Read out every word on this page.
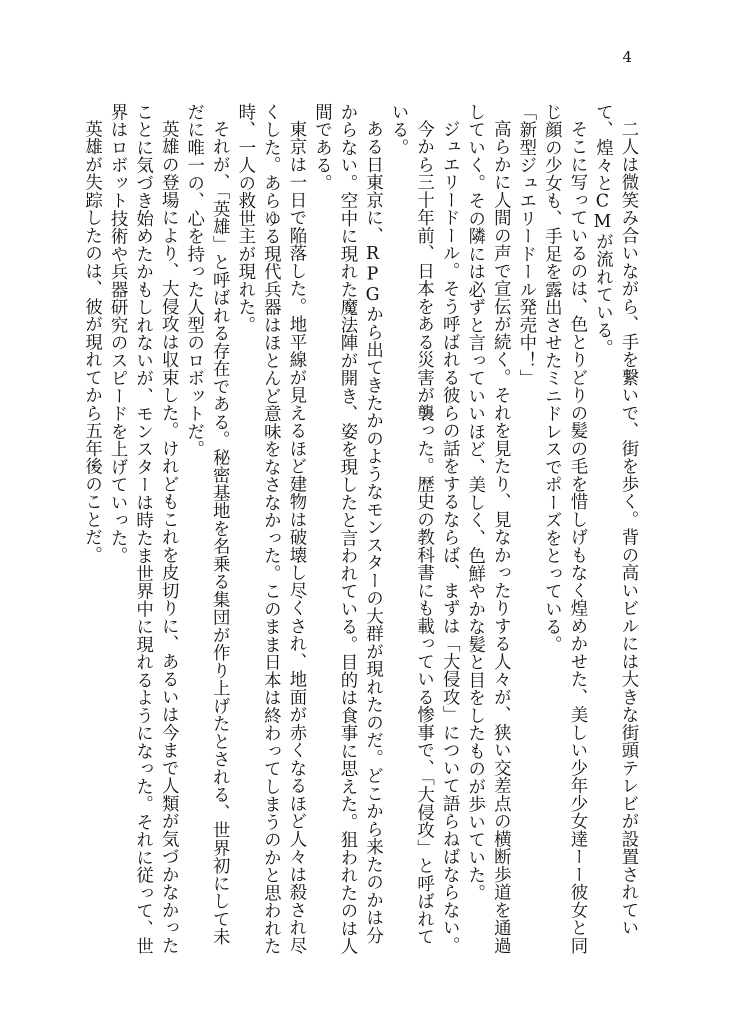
4

二人は微笑み合いながら、手を繋いで、街を歩く。背の高いビルには大きな街頭テレビが設置されていて、煌々とCMが流れている。

そこに写っているのは、色とりどりの髪の毛を惜しげもなく煌めかせた、美しい少年少女達ーー彼女と同じ顔の少女も、手足を露出させたミニドレスでポーズをとっている。

「新型ジュエリードール発売中！」

高らかに人間の声で宣伝が続く。それを見たり、見なかったりする人々が、狭い交差点の横断歩道を通過していく。その隣には必ずと言っていいほど、美しく、色鮮やかな髪と目をしたものが歩いていた。

ジュエリードール。そう呼ばれる彼らの話をするならば、まずは「大侵攻」について語らねばならない。

今から三十年前、日本をある災害が襲った。歴史の教科書にも載っている惨事で、「大侵攻」と呼ばれている。

ある日東京に、RPGから出てきたかのようなモンスターの大群が現れたのだ。どこから来たのかは分からない。空中に現れた魔法陣が開き、姿を現したと言われている。目的は食事に思えた。狙われたのは人間である。

東京は一日で陥落した。地平線が見えるほど建物は破壊し尽くされ、地面が赤くなるほど人々は殺され尽くした。あらゆる現代兵器はほとんど意味をなさなかった。このまま日本は終わってしまうのかと思われた時、一人の救世主が現れた。

それが、「英雄」と呼ばれる存在である。秘密基地を名乗る集団が作り上げたとされる、世界初にして未だに唯一の、心を持った人型のロボットだ。

英雄の登場により、大侵攻は収束した。けれどもこれを皮切りに、あるいは今まで人類が気づかなかったことに気づき始めたかもしれないが、モンスターは時たま世界中に現れるようになった。それに従って、世界はロボット技術や兵器研究のスピードを上げていった。

英雄が失踪したのは、彼が現れてから五年後のことだ。
